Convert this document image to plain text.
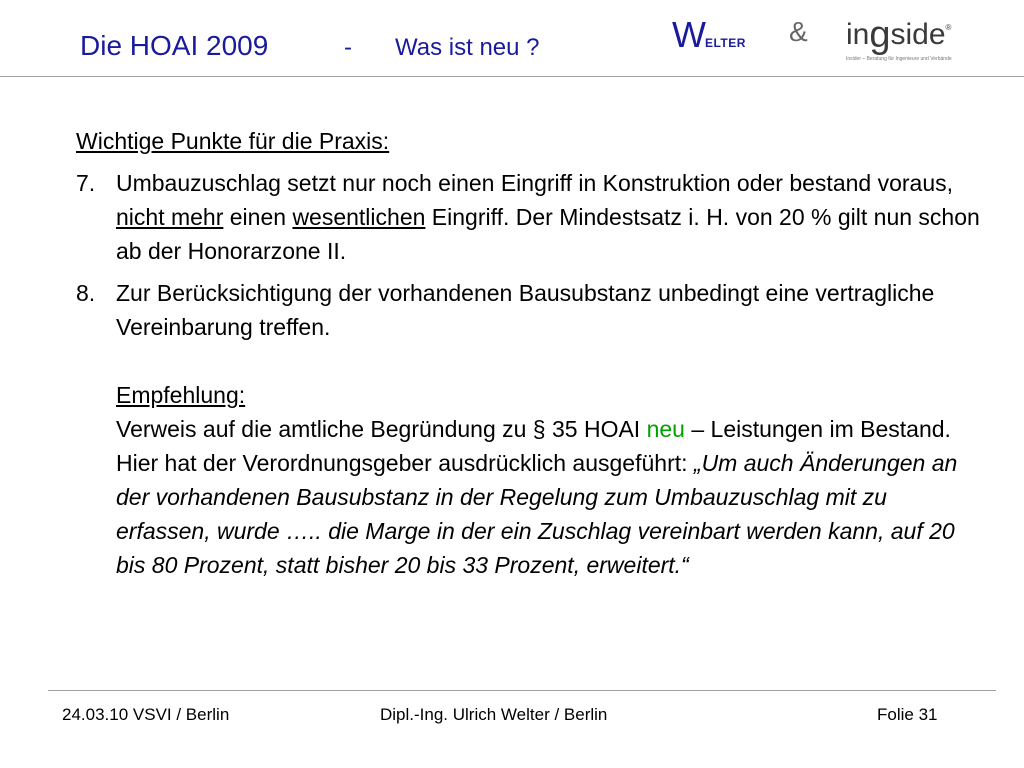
Die HOAI 2009	- Was ist neu ?	WELTER & ingside®
Insider – Beratung für Ingenieure und Verbände
Wichtige Punkte für die Praxis:
7. Umbauzuschlag setzt nur noch einen Eingriff in Konstruktion oder bestand voraus, nicht mehr einen wesentlichen Eingriff. Der Mindestsatz i. H. von 20 % gilt nun schon ab der Honorarzone II.
8. Zur Berücksichtigung der vorhandenen Bausubstanz unbedingt eine vertragliche Vereinbarung treffen.
Empfehlung:
Verweis auf die amtliche Begründung zu § 35 HOAI neu – Leistungen im Bestand.
Hier hat der Verordnungsgeber ausdrücklich ausgeführt: „Um auch Änderungen an der vorhandenen Bausubstanz in der Regelung zum Umbauzuschlag mit zu erfassen, wurde ….. die Marge in der ein Zuschlag vereinbart werden kann, auf 20 bis 80 Prozent, statt bisher 20 bis 33 Prozent, erweitert.“
24.03.10 VSVI / Berlin	Dipl.-Ing. Ulrich Welter / Berlin	Folie 31
